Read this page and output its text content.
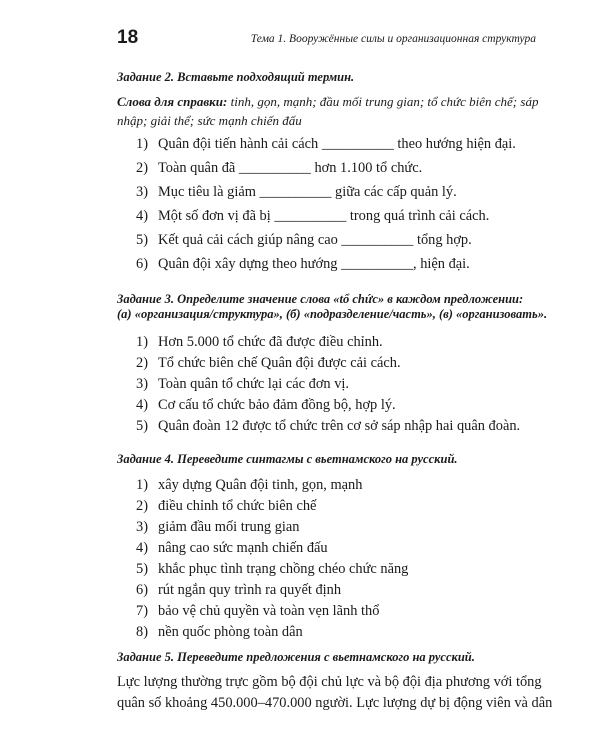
18	Тема 1. Вооружённые силы и организационная структура
Задание 2. Вставьте подходящий термин.
Слова для справки: tinh, gọn, mạnh; đầu mối trung gian; tổ chức biên chế; sáp
nhập; giải thể; sức mạnh chiến đấu
1) Quân đội tiến hành cải cách __________ theo hướng hiện đại.
2) Toàn quân đã __________ hơn 1.100 tổ chức.
3) Mục tiêu là giảm __________ giữa các cấp quản lý.
4) Một số đơn vị đã bị __________ trong quá trình cải cách.
5) Kết quả cải cách giúp nâng cao __________ tổng hợp.
6) Quân đội xây dựng theo hướng __________, hiện đại.
Задание 3. Определите значение слова «tổ chức» в каждом предложении:
(а) «организация/структура», (б) «подразделение/часть», (в) «организовать».
1) Hơn 5.000 tổ chức đã được điều chỉnh.
2) Tổ chức biên chế Quân đội được cải cách.
3) Toàn quân tổ chức lại các đơn vị.
4) Cơ cấu tổ chức bảo đảm đồng bộ, hợp lý.
5) Quân đoàn 12 được tổ chức trên cơ sở sáp nhập hai quân đoàn.
Задание 4. Переведите синтагмы с вьетнамского на русский.
1) xây dựng Quân đội tinh, gọn, mạnh
2) điều chỉnh tổ chức biên chế
3) giảm đầu mối trung gian
4) nâng cao sức mạnh chiến đấu
5) khắc phục tình trạng chồng chéo chức năng
6) rút ngắn quy trình ra quyết định
7) bảo vệ chủ quyền và toàn vẹn lãnh thổ
8) nền quốc phòng toàn dân
Задание 5. Переведите предложения с вьетнамского на русский.
Lực lượng thường trực gồm bộ đội chủ lực và bộ đội địa phương với tổng
quân số khoảng 450.000–470.000 người. Lực lượng dự bị động viên và dân
